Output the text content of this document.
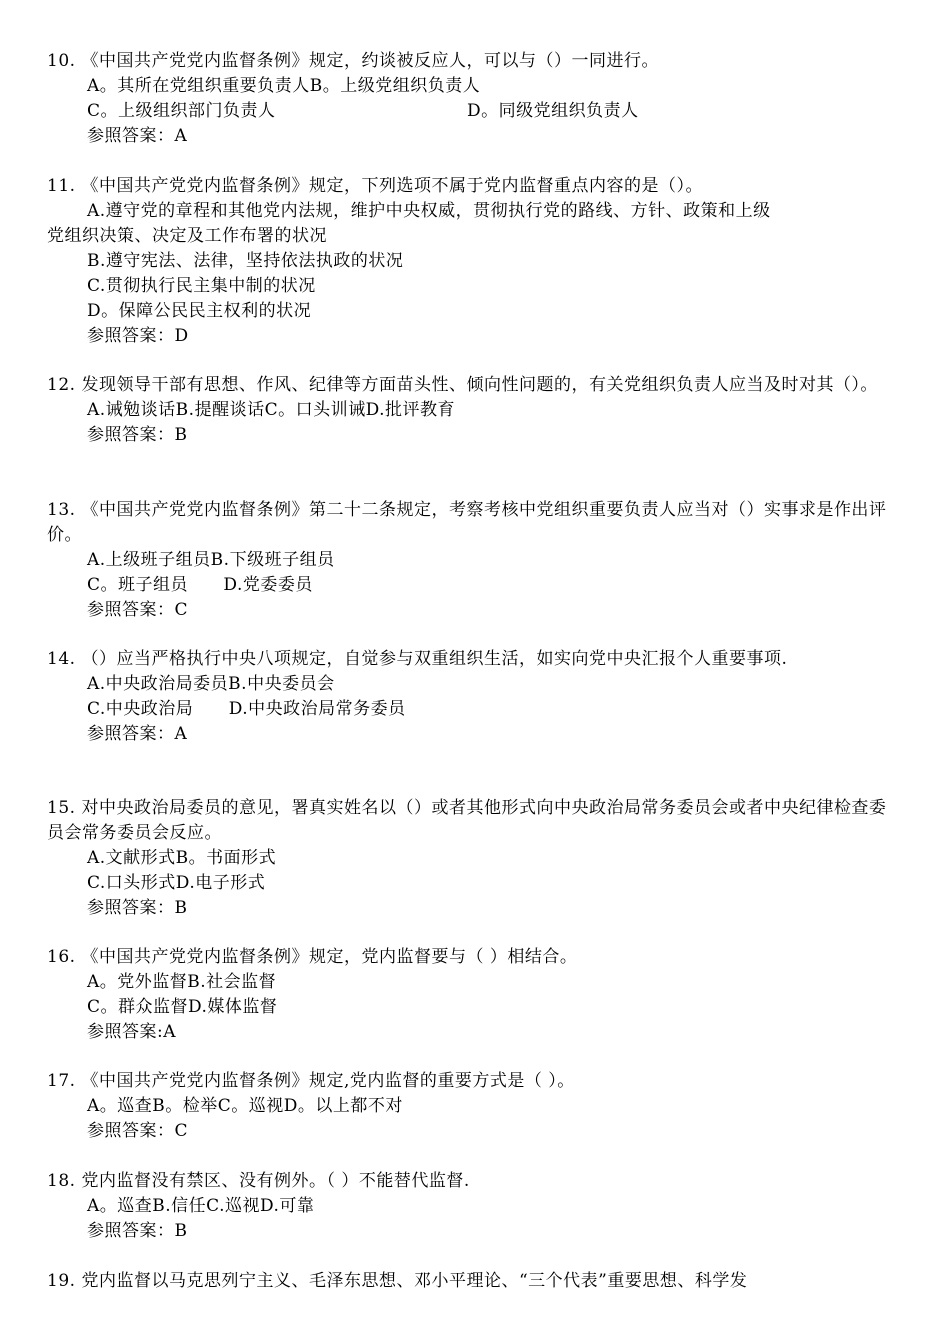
10. 《中国共产党党内监督条例》规定，约谈被反应人，可以与（）一同进行。

A。其所在党组织重要负责人B。上级党组织负责人

C。上级组织部门负责人	D。同级党组织负责人

参照答案：A

11. 《中国共产党党内监督条例》规定，下列选项不属于党内监督重点内容的是（）。

A.遵守党的章程和其他党内法规，维护中央权威，贯彻执行党的路线、方针、政策和上级

党组织决策、决定及工作布署的状况

B.遵守宪法、法律，坚持依法执政的状况

C.贯彻执行民主集中制的状况

D。保障公民民主权利的状况

参照答案：D

12. 发现领导干部有思想、作风、纪律等方面苗头性、倾向性问题的，有关党组织负责人应当及时对其（）。

A.诫勉谈话B.提醒谈话C。口头训诫D.批评教育

参照答案：B

13. 《中国共产党党内监督条例》第二十二条规定，考察考核中党组织重要负责人应当对（）实事求是作出评价。

A.上级班子组员B.下级班子组员

C。班子组员      D.党委委员

参照答案：C

14. （）应当严格执行中央八项规定，自觉参与双重组织生活，如实向党中央汇报个人重要事项.

A.中央政治局委员B.中央委员会

C.中央政治局      D.中央政治局常务委员

参照答案：A

15. 对中央政治局委员的意见，署真实姓名以（）或者其他形式向中央政治局常务委员会或者中央纪律检查委员会常务委员会反应。

A.文献形式B。书面形式

C.口头形式D.电子形式

参照答案：B

16. 《中国共产党党内监督条例》规定，党内监督要与（ ）相结合。

A。党外监督B.社会监督

C。群众监督D.媒体监督

参照答案:A

17. 《中国共产党党内监督条例》规定,党内监督的重要方式是（ ）。

A。巡查B。检举C。巡视D。以上都不对

参照答案：C

18. 党内监督没有禁区、没有例外。（ ）不能替代监督.

A。巡查B.信任C.巡视D.可靠

参照答案：B

19. 党内监督以马克思列宁主义、毛泽东思想、邓小平理论、“三个代表”重要思想、科学发
